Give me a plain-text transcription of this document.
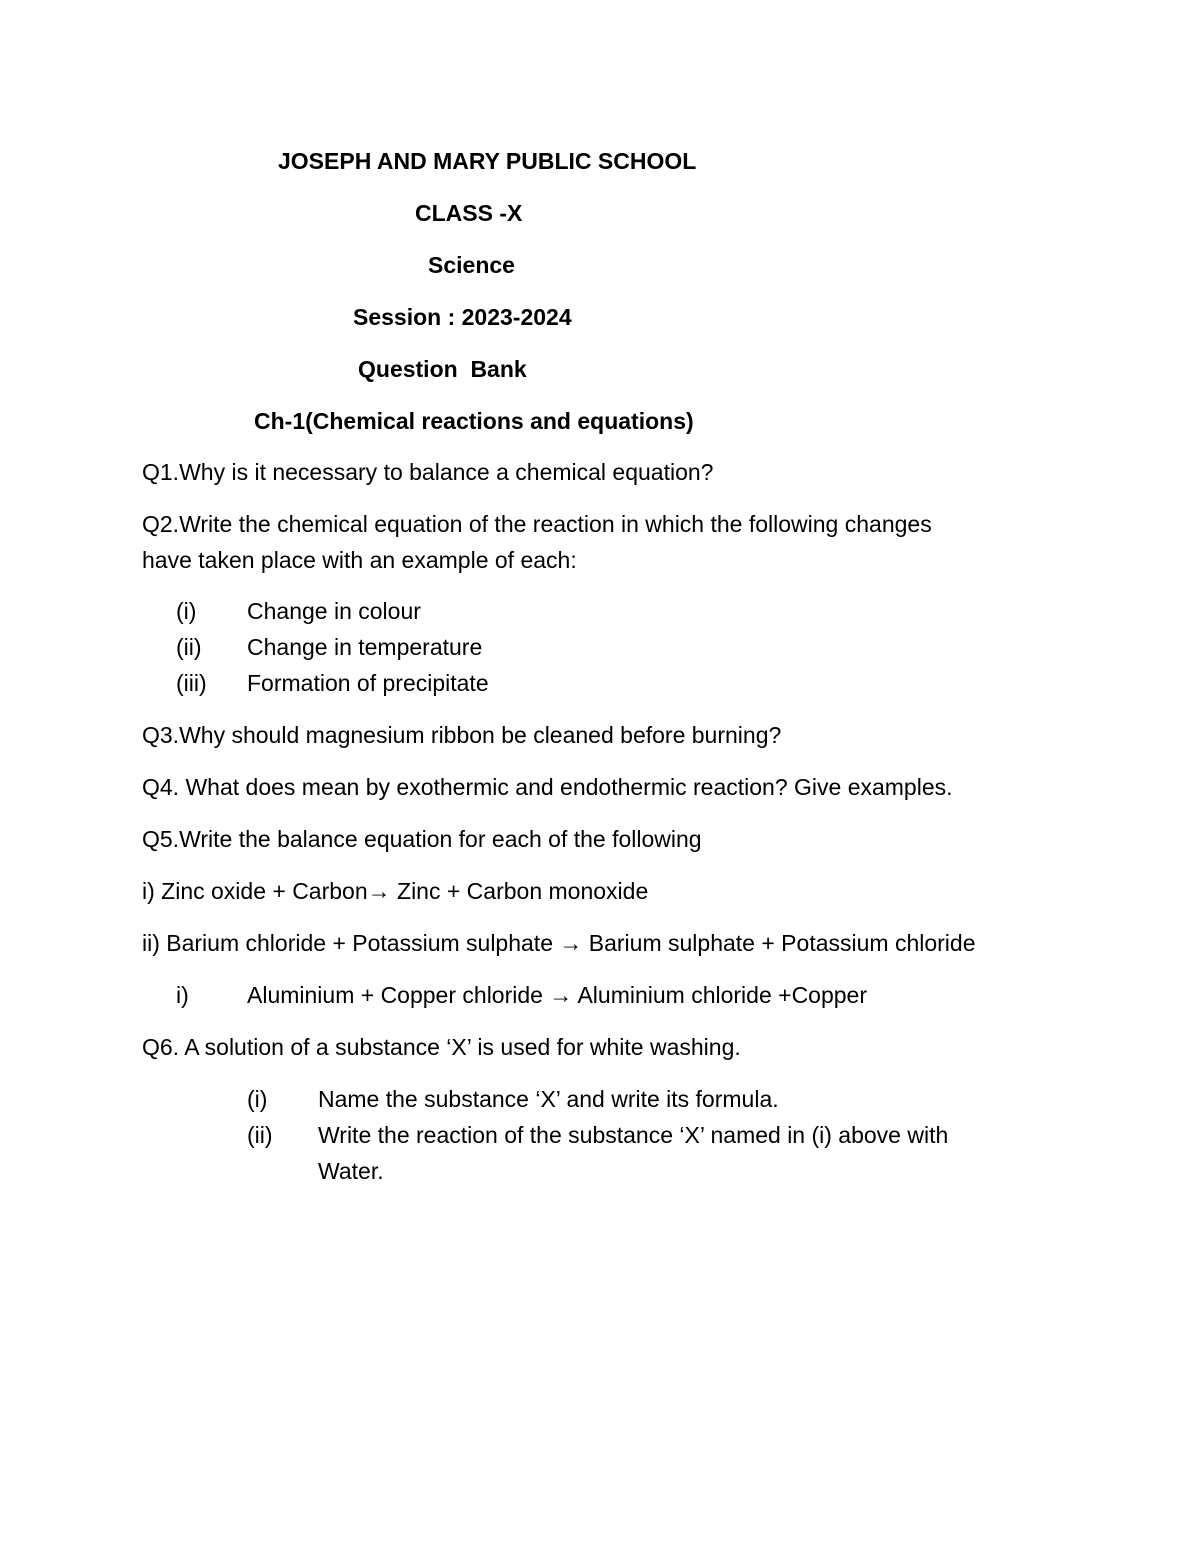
JOSEPH AND MARY PUBLIC SCHOOL
CLASS -X
Science
Session : 2023-2024
Question  Bank
Ch-1(Chemical reactions and equations)
Q1.Why is it necessary to balance a chemical equation?
Q2.Write the chemical equation of the reaction in which the following changes
have taken place with an example of each:
(i) Change in colour
(ii) Change in temperature
(iii) Formation of precipitate
Q3.Why should magnesium ribbon be cleaned before burning?
Q4. What does mean by exothermic and endothermic reaction? Give examples.
Q5.Write the balance equation for each of the following
i) Zinc oxide + Carbon→ Zinc + Carbon monoxide
ii) Barium chloride + Potassium sulphate → Barium sulphate + Potassium chloride
i)	Aluminium + Copper chloride → Aluminium chloride +Copper
Q6. A solution of a substance ‘X’ is used for white washing.
(i) Name the substance ‘X’ and write its formula.
(ii) Write the reaction of the substance ‘X’ named in (i) above with
Water.
